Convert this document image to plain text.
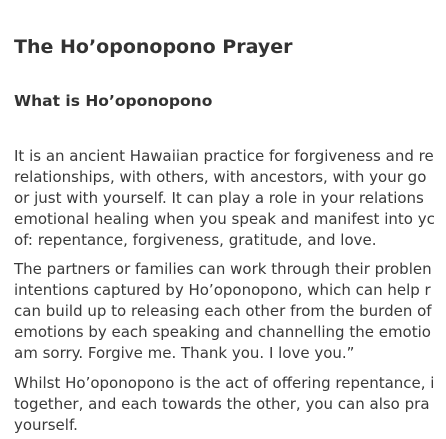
The Ho’oponopono Prayer
What is Ho’oponopono

It is an ancient Hawaiian practice for forgiveness and re
relationships, with others, with ancestors, with your go
or just with yourself. It can play a role in your relations
emotional healing when you speak and manifest into yc
of: repentance, forgiveness, gratitude, and love.

The partners or families can work through their problen
intentions captured by Ho’oponopono, which can help r
can build up to releasing each other from the burden of
emotions by each speaking and channelling the emotio
am sorry. Forgive me. Thank you. I love you.”

Whilst Ho’oponopono is the act of offering repentance, i
together, and each towards the other, you can also pra
yourself.
